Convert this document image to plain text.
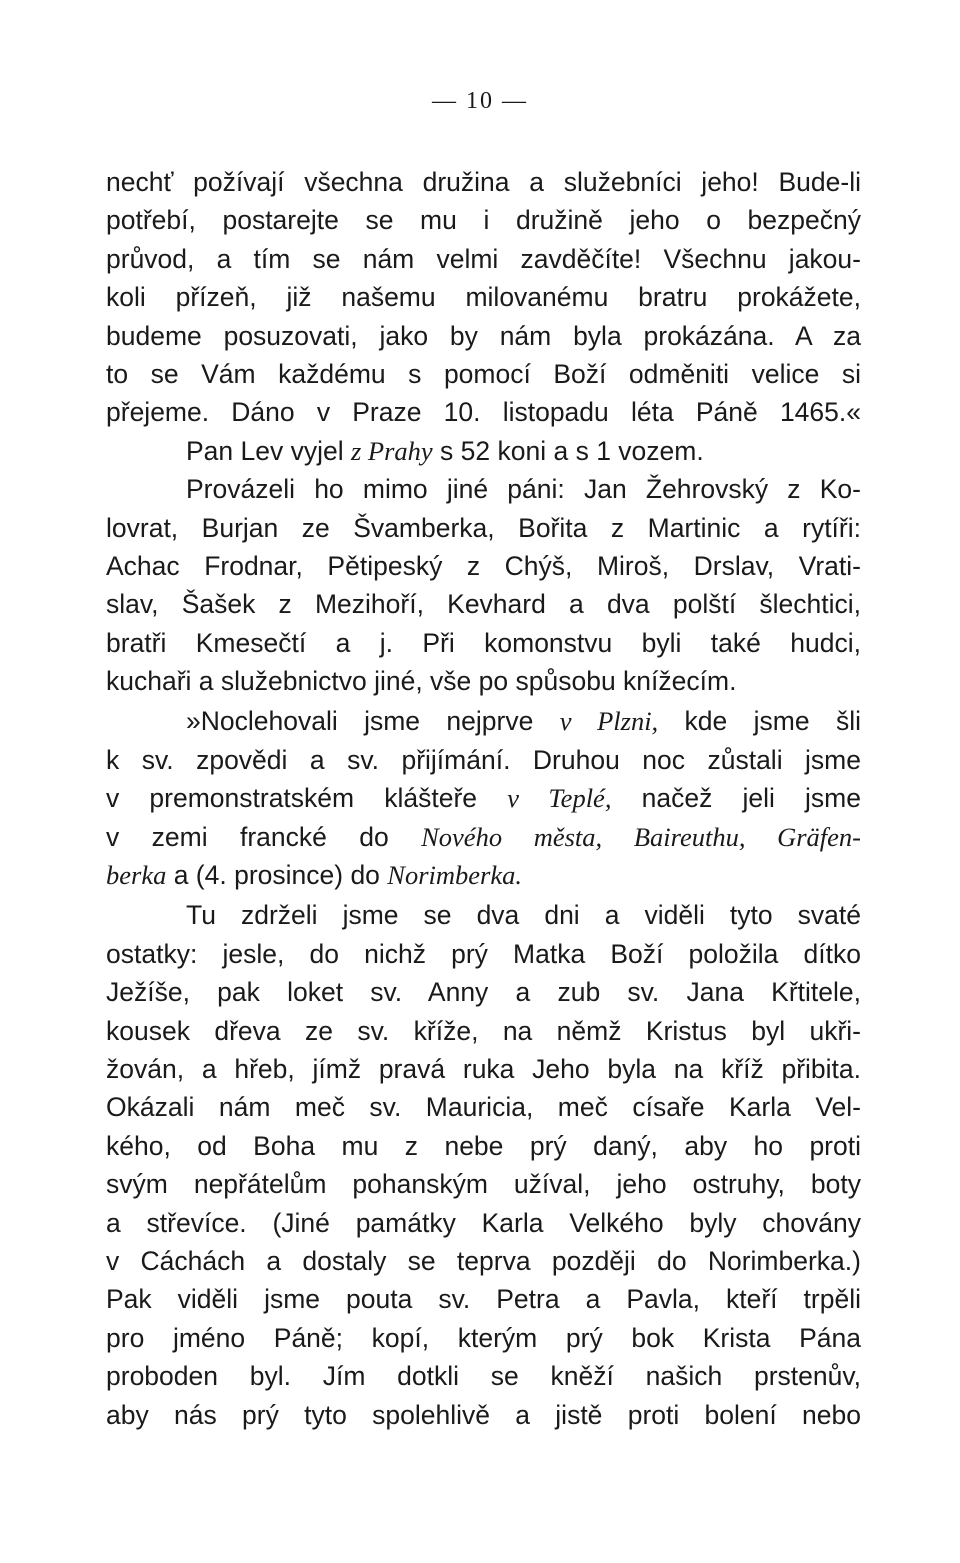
— 10 —
nechť požívají všechna družina a služebníci jeho! Bude-li
potřebí, postarejte se mu i družině jeho o bezpečný
průvod, a tím se nám velmi zavděčíte! Všechnu jakou-
koli přízeň, již našemu milovanému bratru prokážete,
budeme posuzovati, jako by nám byla prokázána. A za
to se Vám každému s pomocí Boží odměniti velice si
přejeme. Dáno v Praze 10. listopadu léta Páně 1465.«
Pan Lev vyjel z Prahy s 52 koni a s 1 vozem.
Provázeli ho mimo jiné páni: Jan Žehrovský z Ko-
lovrat, Burjan ze Švamberka, Bořita z Martinic a rytíři:
Achac Frodnar, Pětipeský z Chýš, Miroš, Drslav, Vrati-
slav, Šašek z Mezihoří, Kevhard a dva polští šlechtici,
bratři Kmesečtí a j. Při komonstvu byli také hudci,
kuchaři a služebnictvo jiné, vše po spůsobu knížecím.
»Noclehovali jsme nejprve v Plzni, kde jsme šli
k sv. zpovědi a sv. přijímání. Druhou noc zůstali jsme
v premonstratském klášteře v Teplé, načež jeli jsme
v zemi francké do Nového města, Baireuthu, Gräfen-
berka a (4. prosince) do Norimberka.
Tu zdrželi jsme se dva dni a viděli tyto svaté
ostatky: jesle, do nichž prý Matka Boží položila dítko
Ježíše, pak loket sv. Anny a zub sv. Jana Křtitele,
kousek dřeva ze sv. kříže, na němž Kristus byl ukři-
žován, a hřeb, jímž pravá ruka Jeho byla na kříž přibita.
Okázali nám meč sv. Mauricia, meč císaře Karla Vel-
kého, od Boha mu z nebe prý daný, aby ho proti
svým nepřátelům pohanským užíval, jeho ostruhy, boty
a střevíce. (Jiné památky Karla Velkého byly chovány
v Cáchách a dostaly se teprva později do Norimberka.)
Pak viděli jsme pouta sv. Petra a Pavla, kteří trpěli
pro jméno Páně; kopí, kterým prý bok Krista Pána
proboden byl. Jím dotkli se kněží našich prstenův,
aby nás prý tyto spolehlivě a jistě proti bolení nebo
